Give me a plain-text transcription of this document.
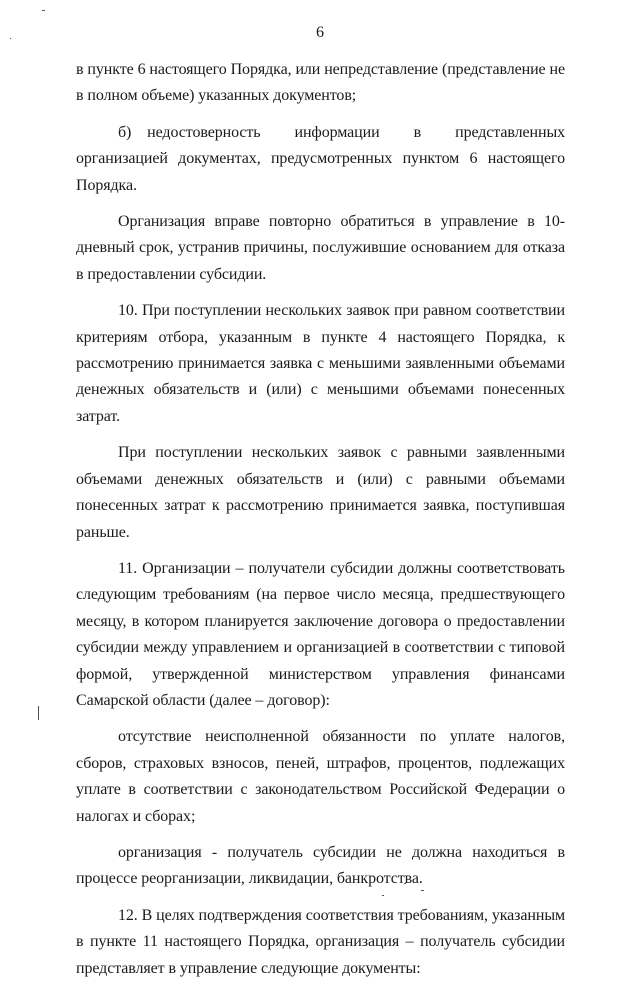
6

в пункте 6 настоящего Порядка, или непредставление (представление не в полном объеме) указанных документов;

б) недостоверность информации в представленных организацией документах, предусмотренных пунктом 6 настоящего Порядка.

Организация вправе повторно обратиться в управление в 10-дневный срок, устранив причины, послужившие основанием для отказа в предоставлении субсидии.

10. При поступлении нескольких заявок при равном соответствии критериям отбора, указанным в пункте 4 настоящего Порядка, к рассмотрению принимается заявка с меньшими заявленными объемами денежных обязательств и (или) с меньшими объемами понесенных затрат.

При поступлении нескольких заявок с равными заявленными объемами денежных обязательств и (или) с равными объемами понесенных затрат к рассмотрению принимается заявка, поступившая раньше.

11. Организации – получатели субсидии должны соответствовать следующим требованиям (на первое число месяца, предшествующего месяцу, в котором планируется заключение договора о предоставлении субсидии между управлением и организацией в соответствии с типовой формой, утвержденной министерством управления финансами Самарской области (далее – договор):

отсутствие неисполненной обязанности по уплате налогов, сборов, страховых взносов, пеней, штрафов, процентов, подлежащих уплате в соответствии с законодательством Российской Федерации о налогах и сборах;

организация - получатель субсидии не должна находиться в процессе реорганизации, ликвидации, банкротства.

12. В целях подтверждения соответствия требованиям, указанным в пункте 11 настоящего Порядка, организация – получатель субсидии представляет в управление следующие документы:
